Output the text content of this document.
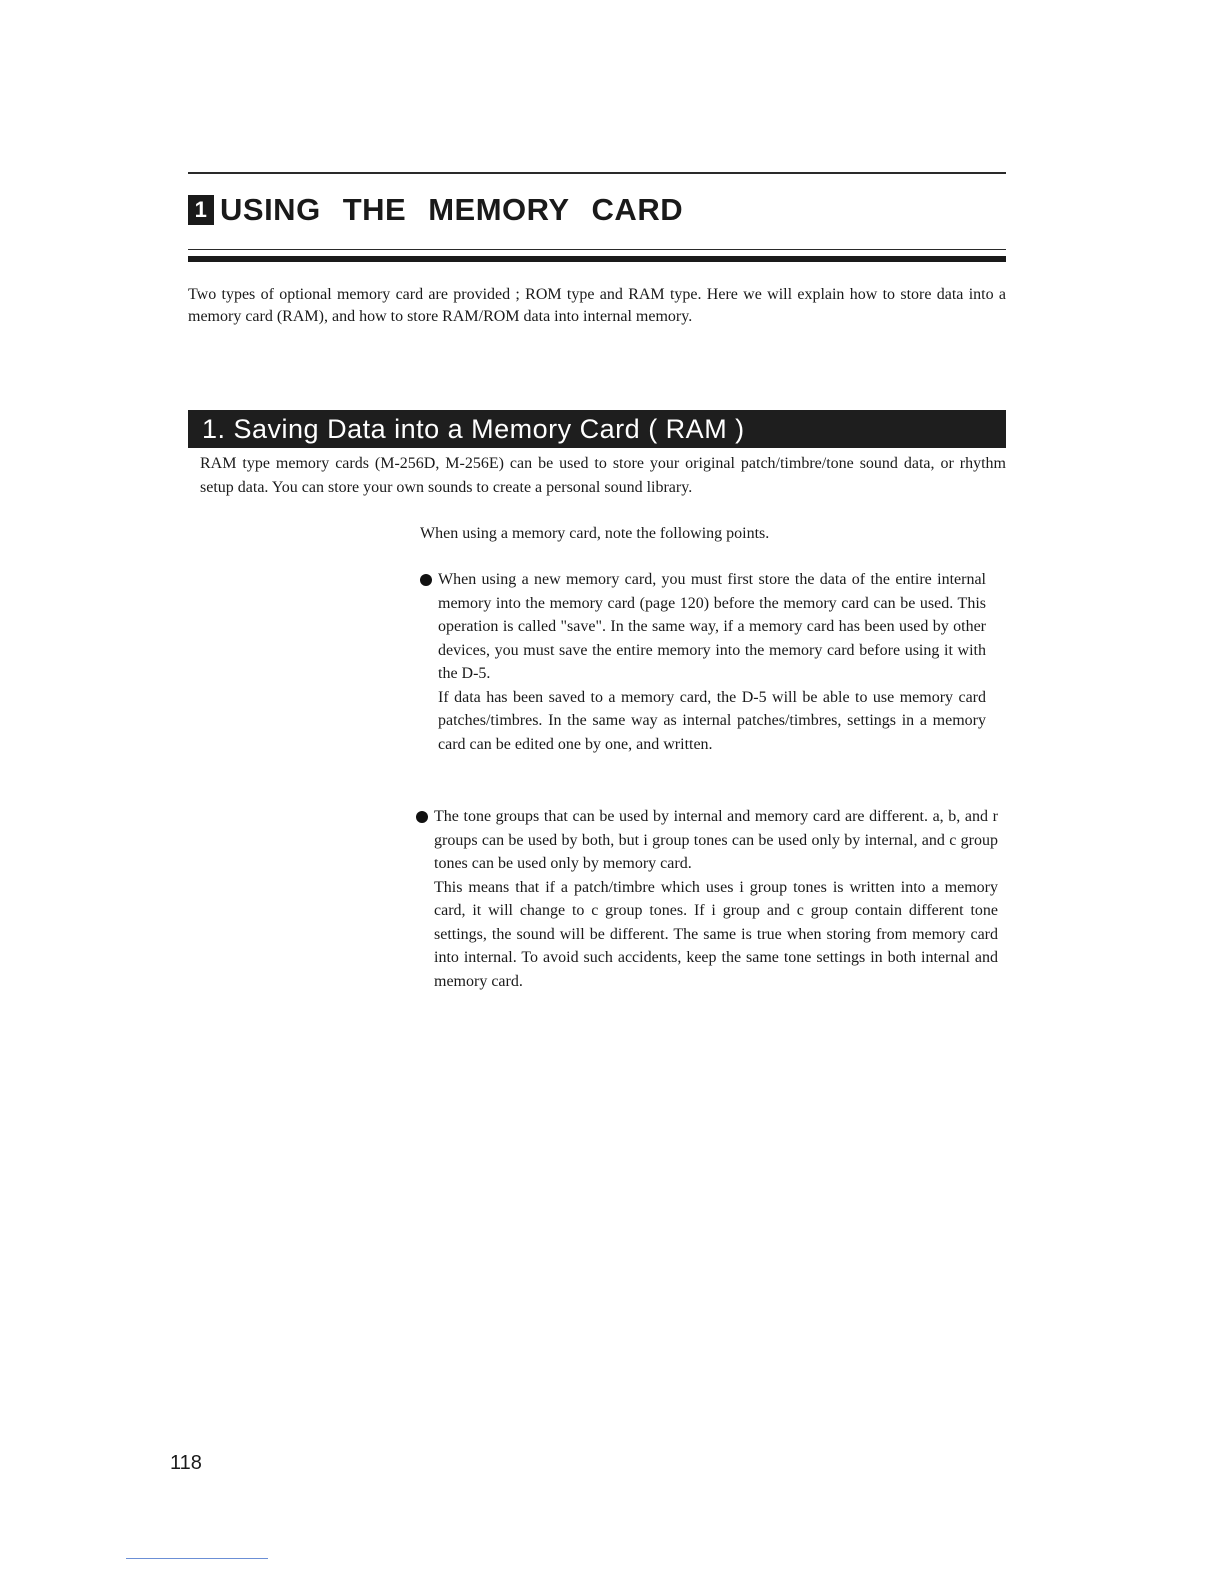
1 USING THE MEMORY CARD

Two types of optional memory card are provided ; ROM type and RAM type. Here we will explain how to store data into a memory card (RAM), and how to store RAM/ROM data into internal memory.

1. Saving Data into a Memory Card ( RAM )

RAM type memory cards (M-256D, M-256E) can be used to store your original patch/timbre/tone sound data, or rhythm setup data. You can store your own sounds to create a personal sound library.

When using a memory card, note the following points.

When using a new memory card, you must first store the data of the entire internal memory into the memory card (page 120) before the memory card can be used. This operation is called "save". In the same way, if a memory card has been used by other devices, you must save the entire memory into the memory card before using it with the D-5.
If data has been saved to a memory card, the D-5 will be able to use memory card patches/timbres. In the same way as internal patches/timbres, settings in a memory card can be edited one by one, and written.
The tone groups that can be used by internal and memory card are different. a, b, and r groups can be used by both, but i group tones can be used only by internal, and c group tones can be used only by memory card.
This means that if a patch/timbre which uses i group tones is written into a memory card, it will change to c group tones. If i group and c group contain different tone settings, the sound will be different. The same is true when storing from memory card into internal. To avoid such accidents, keep the same tone settings in both internal and memory card.
118
